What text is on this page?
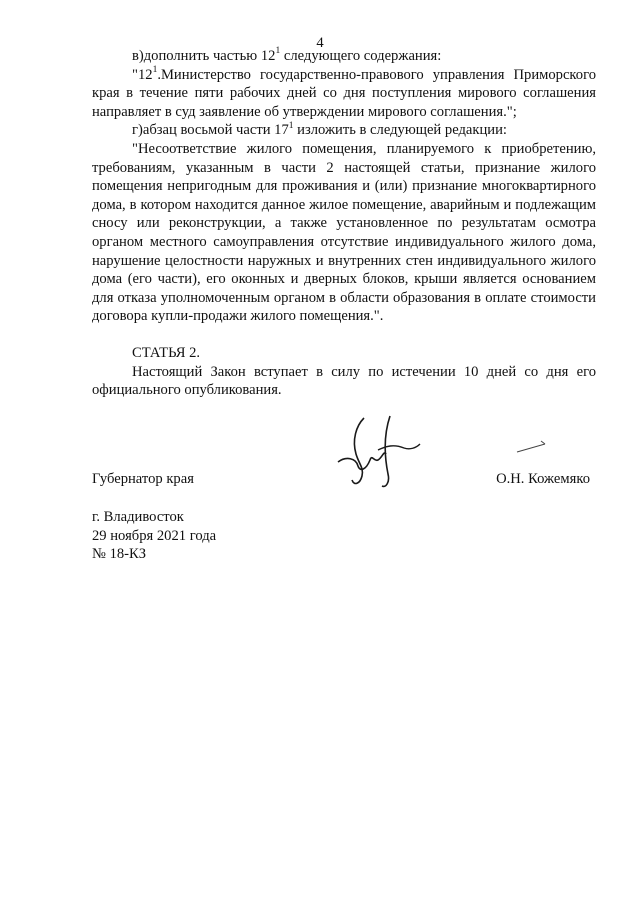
4

в)дополнить частью $12^1$ следующего содержания:

"$12^1.Министерство$ государственно-правового управления Приморского края в течение пяти рабочих дней со дня поступления мирового соглашения направляет в суд заявление об утверждении мирового соглашения.";

г)абзац восьмой части $17^1$ изложить в следующей редакции:

"Несоответствие жилого помещения, планируемого к приобретению, требованиям, указанным в части 2 настоящей статьи, признание жилого помещения непригодным для проживания и (или) признание многоквартирного дома, в котором находится данное жилое помещение, аварийным и подлежащим сносу или реконструкции, а также установленное по результатам осмотра органом местного самоуправления отсутствие индивидуального жилого дома, нарушение целостности наружных и внутренних стен индивидуального жилого дома (его части), его оконных и дверных блоков, крыши является основанием для отказа уполномоченным органом в области образования в оплате стоимости договора купли-продажи жилого помещения.".

СТАТЬЯ 2.

Настоящий Закон вступает в силу по истечении 10 дней со дня его официального опубликования.

Губернатор края	О.Н. Кожемяко
г. Владивосток
29 ноября 2021 года
№ 18-КЗ
